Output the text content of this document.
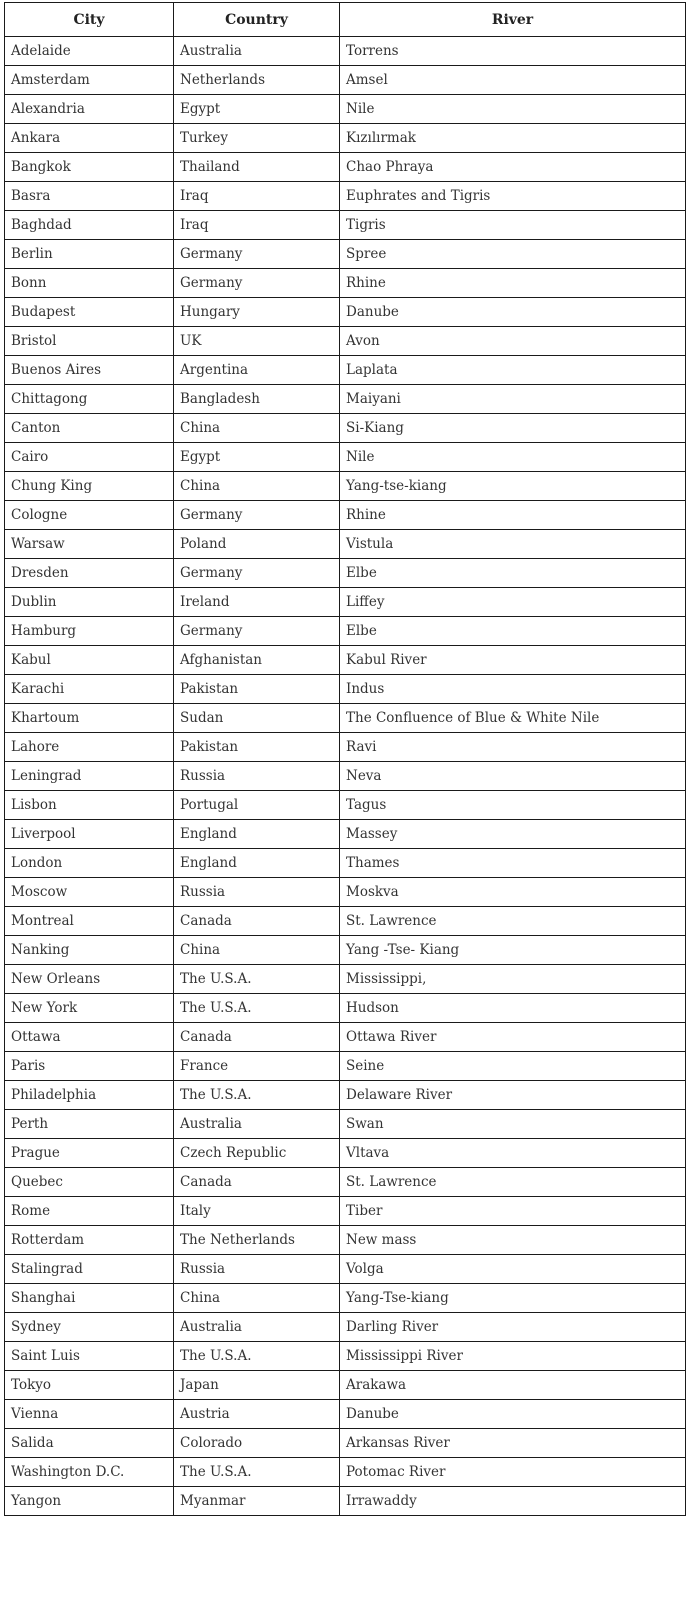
City	Country	River
Adelaide	Australia	Torrens
Amsterdam	Netherlands	Amsel
Alexandria	Egypt	Nile
Ankara	Turkey	Kızılırmak
Bangkok	Thailand	Chao Phraya
Basra	Iraq	Euphrates and Tigris
Baghdad	Iraq	Tigris
Berlin	Germany	Spree
Bonn	Germany	Rhine
Budapest	Hungary	Danube
Bristol	UK	Avon
Buenos Aires	Argentina	Laplata
Chittagong	Bangladesh	Maiyani
Canton	China	Si-Kiang
Cairo	Egypt	Nile
Chung King	China	Yang-tse-kiang
Cologne	Germany	Rhine
Warsaw	Poland	Vistula
Dresden	Germany	Elbe
Dublin	Ireland	Liffey
Hamburg	Germany	Elbe
Kabul	Afghanistan	Kabul River
Karachi	Pakistan	Indus
Khartoum	Sudan	The Confluence of Blue & White Nile
Lahore	Pakistan	Ravi
Leningrad	Russia	Neva
Lisbon	Portugal	Tagus
Liverpool	England	Massey
London	England	Thames
Moscow	Russia	Moskva
Montreal	Canada	St. Lawrence
Nanking	China	Yang -Tse- Kiang
New Orleans	The U.S.A.	Mississippi,
New York	The U.S.A.	Hudson
Ottawa	Canada	Ottawa River
Paris	France	Seine
Philadelphia	The U.S.A.	Delaware River
Perth	Australia	Swan
Prague	Czech Republic	Vltava
Quebec	Canada	St. Lawrence
Rome	Italy	Tiber
Rotterdam	The Netherlands	New mass
Stalingrad	Russia	Volga
Shanghai	China	Yang-Tse-kiang
Sydney	Australia	Darling River
Saint Luis	The U.S.A.	Mississippi River
Tokyo	Japan	Arakawa
Vienna	Austria	Danube
Salida	Colorado	Arkansas River
Washington D.C.	The U.S.A.	Potomac River
Yangon	Myanmar	Irrawaddy
